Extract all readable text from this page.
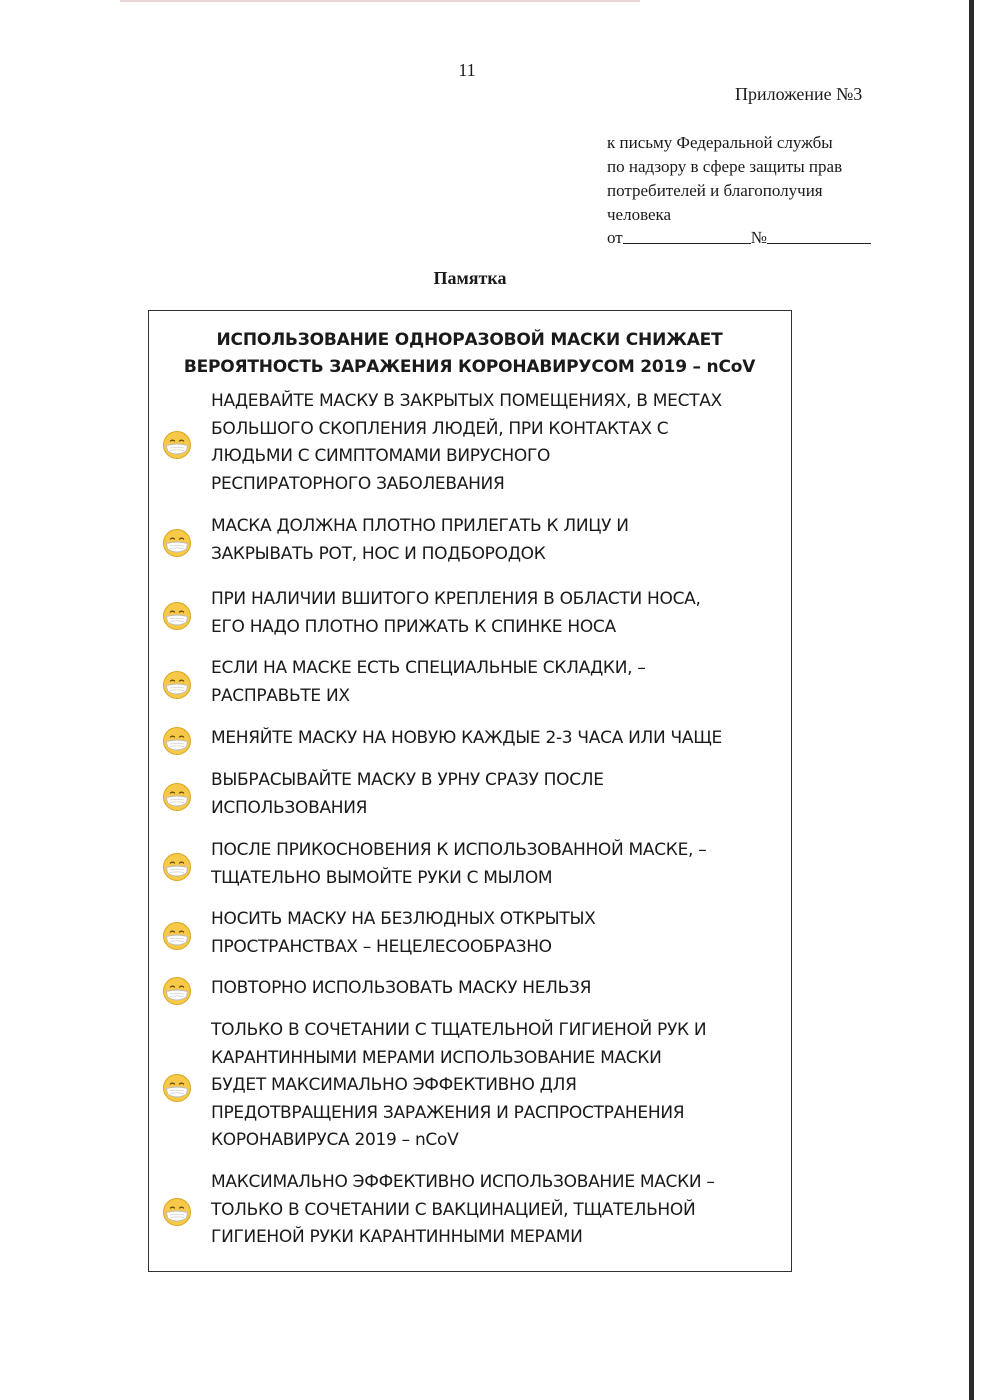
11
Приложение №3
к письму Федеральной службы
по надзору в сфере защиты прав
потребителей и благополучия
человека
от	№
Памятка
ИСПОЛЬЗОВАНИЕ ОДНОРАЗОВОЙ МАСКИ СНИЖАЕТ
ВЕРОЯТНОСТЬ ЗАРАЖЕНИЯ КОРОНАВИРУСОМ 2019 – nCoV
НАДЕВАЙТЕ МАСКУ В ЗАКРЫТЫХ ПОМЕЩЕНИЯХ, В МЕСТАХ
БОЛЬШОГО СКОПЛЕНИЯ ЛЮДЕЙ, ПРИ КОНТАКТАХ С
ЛЮДЬМИ С СИМПТОМАМИ ВИРУСНОГО
РЕСПИРАТОРНОГО ЗАБОЛЕВАНИЯ
МАСКА ДОЛЖНА ПЛОТНО ПРИЛЕГАТЬ К ЛИЦУ И
ЗАКРЫВАТЬ РОТ, НОС И ПОДБОРОДОК
ПРИ НАЛИЧИИ ВШИТОГО КРЕПЛЕНИЯ В ОБЛАСТИ НОСА,
ЕГО НАДО ПЛОТНО ПРИЖАТЬ К СПИНКЕ НОСА
ЕСЛИ НА МАСКЕ ЕСТЬ СПЕЦИАЛЬНЫЕ СКЛАДКИ, –
РАСПРАВЬТЕ ИХ
МЕНЯЙТЕ МАСКУ НА НОВУЮ КАЖДЫЕ 2-3 ЧАСА ИЛИ ЧАЩЕ
ВЫБРАСЫВАЙТЕ МАСКУ В УРНУ СРАЗУ ПОСЛЕ
ИСПОЛЬЗОВАНИЯ
ПОСЛЕ ПРИКОСНОВЕНИЯ К ИСПОЛЬЗОВАННОЙ МАСКЕ, –
ТЩАТЕЛЬНО ВЫМОЙТЕ РУКИ С МЫЛОМ
НОСИТЬ МАСКУ НА БЕЗЛЮДНЫХ ОТКРЫТЫХ
ПРОСТРАНСТВАХ – НЕЦЕЛЕСООБРАЗНО
ПОВТОРНО ИСПОЛЬЗОВАТЬ МАСКУ НЕЛЬЗЯ
ТОЛЬКО В СОЧЕТАНИИ С ТЩАТЕЛЬНОЙ ГИГИЕНОЙ РУК И
КАРАНТИННЫМИ МЕРАМИ ИСПОЛЬЗОВАНИЕ МАСКИ
БУДЕТ МАКСИМАЛЬНО ЭФФЕКТИВНО ДЛЯ
ПРЕДОТВРАЩЕНИЯ ЗАРАЖЕНИЯ И РАСПРОСТРАНЕНИЯ
КОРОНАВИРУСА 2019 – nCoV
МАКСИМАЛЬНО ЭФФЕКТИВНО ИСПОЛЬЗОВАНИЕ МАСКИ –
ТОЛЬКО В СОЧЕТАНИИ С ВАКЦИНАЦИЕЙ, ТЩАТЕЛЬНОЙ
ГИГИЕНОЙ РУКИ КАРАНТИННЫМИ МЕРАМИ
